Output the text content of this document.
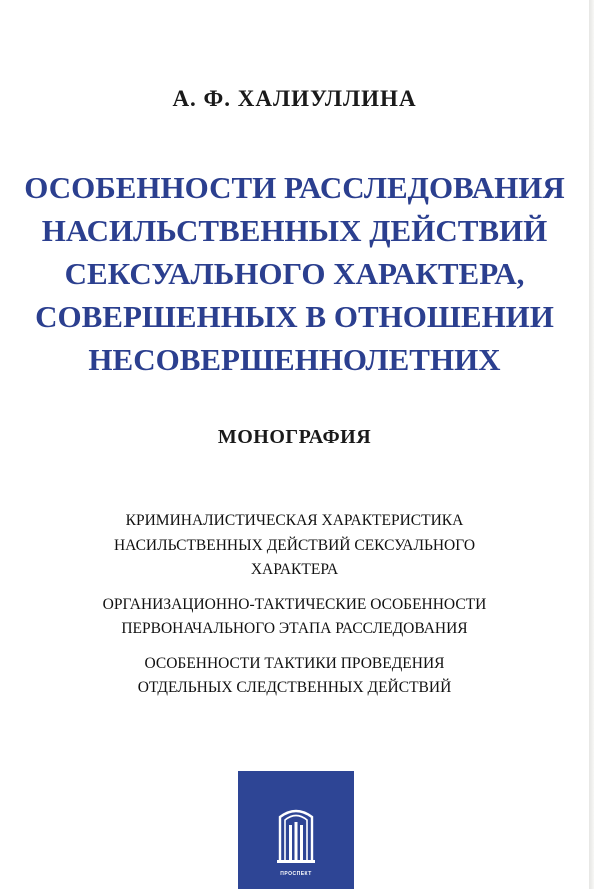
А. Ф. ХАЛИУЛЛИНА
ОСОБЕННОСТИ РАССЛЕДОВАНИЯ
НАСИЛЬСТВЕННЫХ ДЕЙСТВИЙ
СЕКСУАЛЬНОГО ХАРАКТЕРА,
СОВЕРШЕННЫХ В ОТНОШЕНИИ
НЕСОВЕРШЕННОЛЕТНИХ
МОНОГРАФИЯ
КРИМИНАЛИСТИЧЕСКАЯ ХАРАКТЕРИСТИКА
НАСИЛЬСТВЕННЫХ ДЕЙСТВИЙ СЕКСУАЛЬНОГО
ХАРАКТЕРА
ОРГАНИЗАЦИОННО-ТАКТИЧЕСКИЕ ОСОБЕННОСТИ
ПЕРВОНАЧАЛЬНОГО ЭТАПА РАССЛЕДОВАНИЯ
ОСОБЕННОСТИ ТАКТИКИ ПРОВЕДЕНИЯ
ОТДЕЛЬНЫХ СЛЕДСТВЕННЫХ ДЕЙСТВИЙ
ПРОСПЕКТ
